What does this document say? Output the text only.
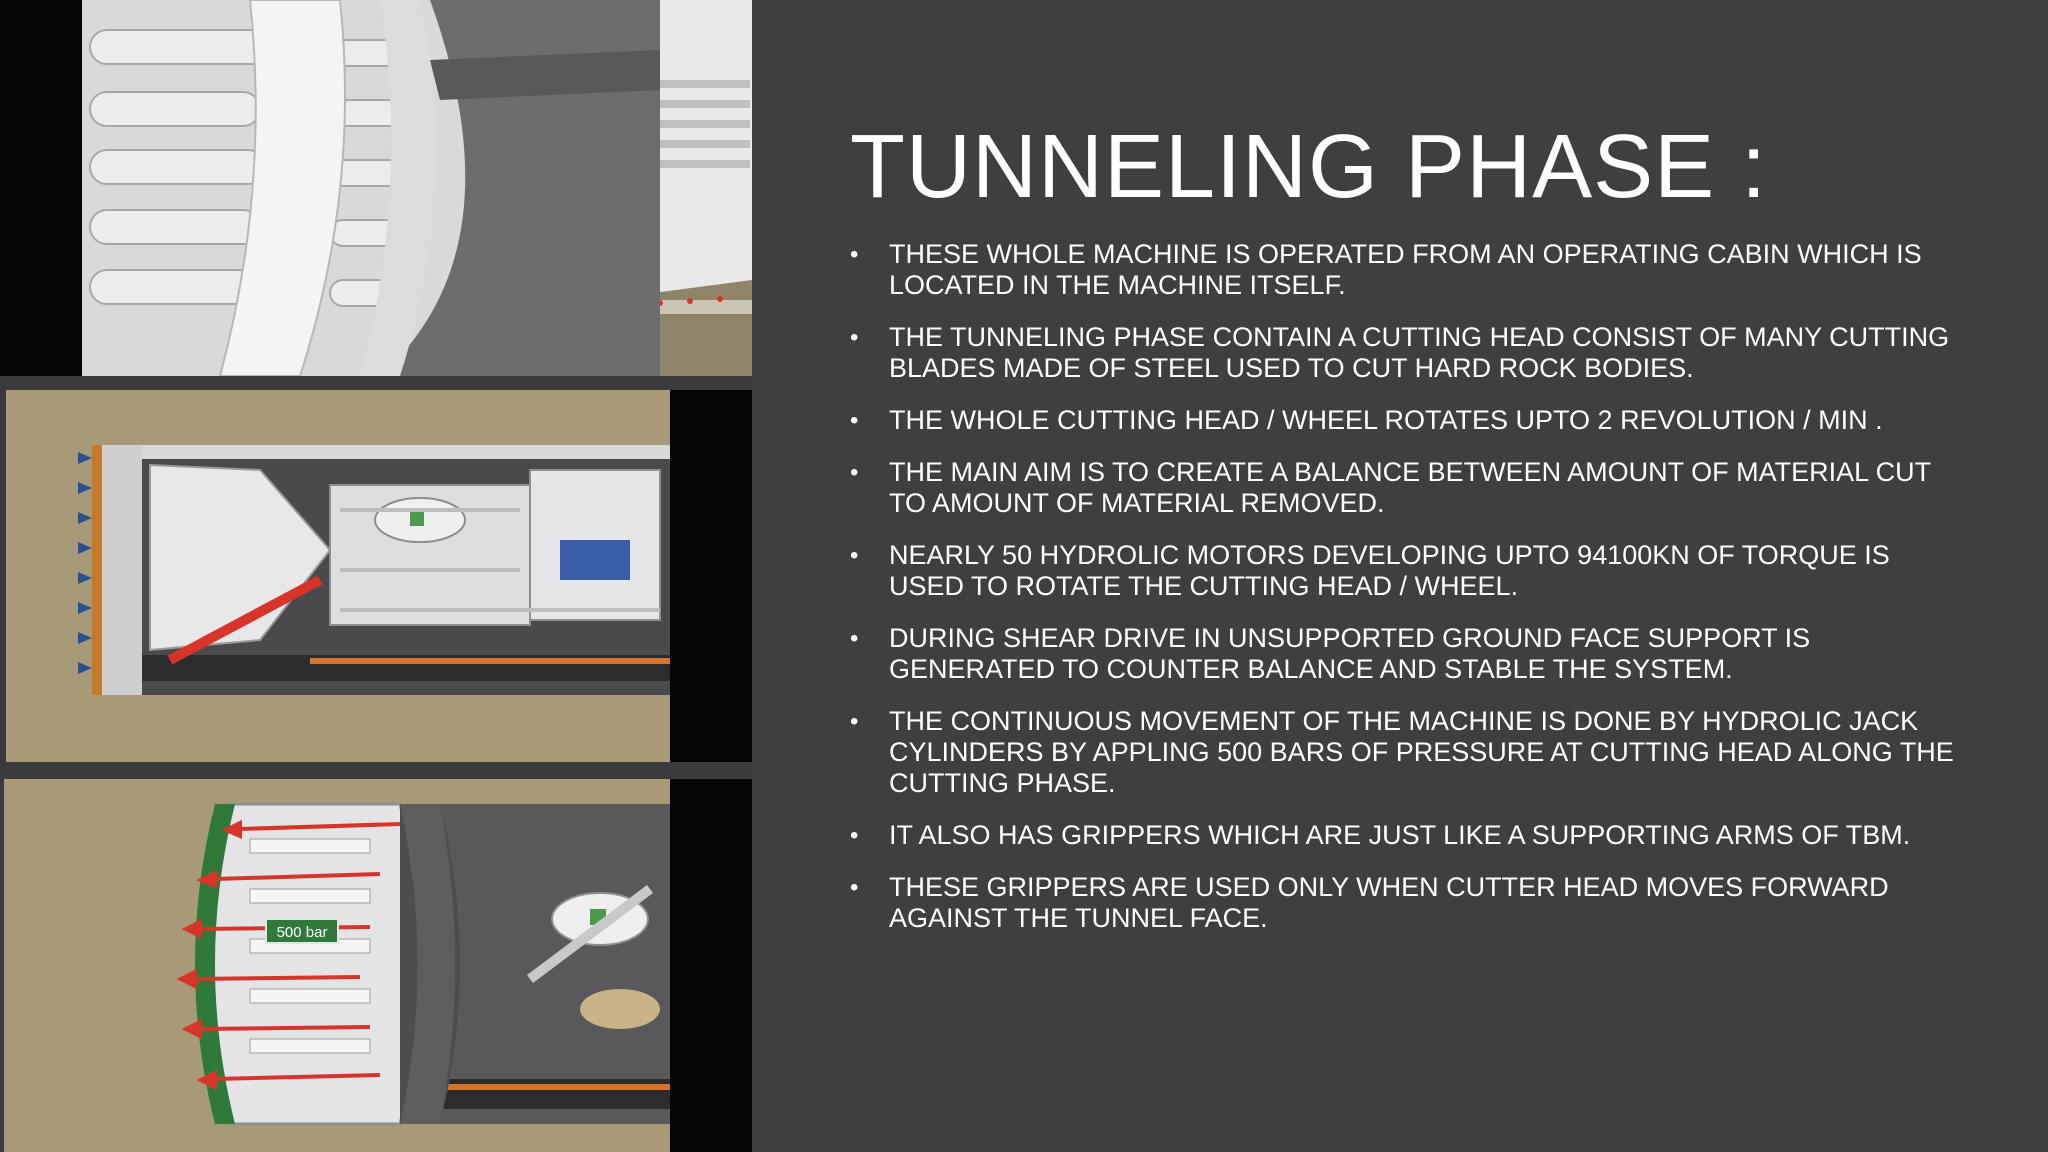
500 bar
TUNNELING PHASE :
• THESE WHOLE MACHINE IS OPERATED FROM AN OPERATING CABIN WHICH IS LOCATED IN THE MACHINE ITSELF.
• THE TUNNELING PHASE CONTAIN A CUTTING HEAD CONSIST OF MANY CUTTING BLADES MADE OF STEEL USED TO CUT HARD ROCK BODIES.
• THE WHOLE CUTTING HEAD / WHEEL ROTATES UPTO 2 REVOLUTION / MIN .
• THE MAIN AIM IS TO CREATE A BALANCE BETWEEN AMOUNT OF MATERIAL CUT TO AMOUNT OF MATERIAL REMOVED.
• NEARLY 50 HYDROLIC MOTORS DEVELOPING UPTO 94100KN OF TORQUE IS USED TO ROTATE THE CUTTING HEAD / WHEEL.
• DURING SHEAR DRIVE IN UNSUPPORTED GROUND FACE SUPPORT IS GENERATED TO COUNTER BALANCE AND STABLE THE SYSTEM.
• THE CONTINUOUS MOVEMENT OF THE MACHINE IS DONE BY HYDROLIC JACK CYLINDERS BY APPLING 500 BARS OF PRESSURE AT CUTTING HEAD ALONG THE CUTTING PHASE.
• IT ALSO HAS GRIPPERS WHICH ARE JUST LIKE A SUPPORTING ARMS OF TBM.
• THESE GRIPPERS ARE USED ONLY WHEN CUTTER HEAD MOVES FORWARD AGAINST THE TUNNEL FACE.
